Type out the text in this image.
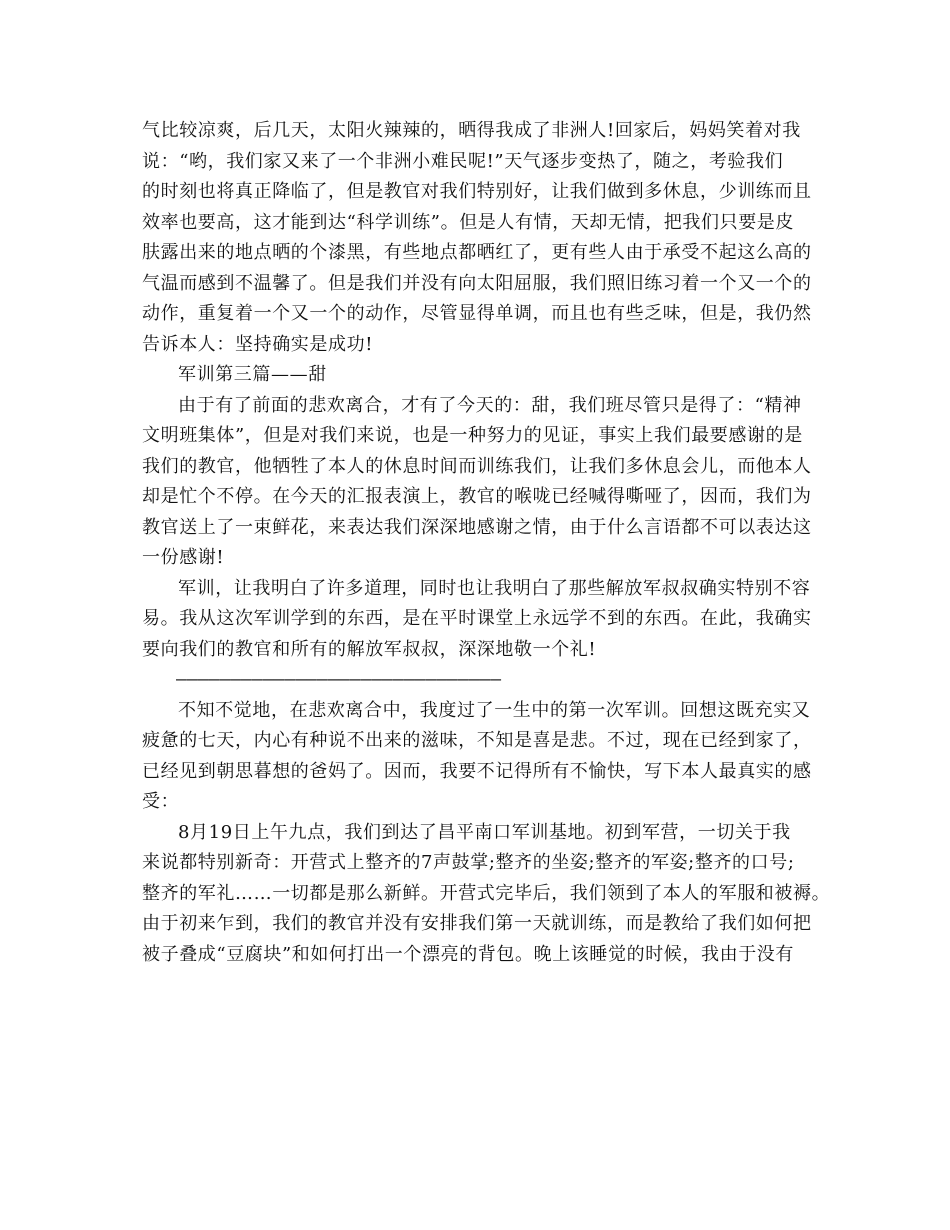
气比较凉爽，后几天，太阳火辣辣的，晒得我成了非洲人!回家后，妈妈笑着对我
说：“哟，我们家又来了一个非洲小难民呢!”天气逐步变热了，随之，考验我们
的时刻也将真正降临了，但是教官对我们特别好，让我们做到多休息，少训练而且
效率也要高，这才能到达“科学训练”。但是人有情，天却无情，把我们只要是皮
肤露出来的地点晒的个漆黑，有些地点都晒红了，更有些人由于承受不起这么高的
气温而感到不温馨了。但是我们并没有向太阳屈服，我们照旧练习着一个又一个的
动作，重复着一个又一个的动作，尽管显得单调，而且也有些乏味，但是，我仍然
告诉本人：坚持确实是成功!
军训第三篇——甜
由于有了前面的悲欢离合，才有了今天的：甜，我们班尽管只是得了：“精神
文明班集体”，但是对我们来说，也是一种努力的见证，事实上我们最要感谢的是
我们的教官，他牺牲了本人的休息时间而训练我们，让我们多休息会儿，而他本人
却是忙个不停。在今天的汇报表演上，教官的喉咙已经喊得嘶哑了，因而，我们为
教官送上了一束鲜花，来表达我们深深地感谢之情，由于什么言语都不可以表达这
一份感谢!
军训，让我明白了许多道理，同时也让我明白了那些解放军叔叔确实特别不容
易。我从这次军训学到的东西，是在平时课堂上永远学不到的东西。在此，我确实
要向我们的教官和所有的解放军叔叔，深深地敬一个礼!
——————————————————————————————
不知不觉地，在悲欢离合中，我度过了一生中的第一次军训。回想这既充实又
疲惫的七天，内心有种说不出来的滋味，不知是喜是悲。不过，现在已经到家了，
已经见到朝思暮想的爸妈了。因而，我要不记得所有不愉快，写下本人最真实的感
受：
8月19日上午九点，我们到达了昌平南口军训基地。初到军营，一切关于我
来说都特别新奇：开营式上整齐的7声鼓掌;整齐的坐姿;整齐的军姿;整齐的口号;
整齐的军礼……一切都是那么新鲜。开营式完毕后，我们领到了本人的军服和被褥。
由于初来乍到，我们的教官并没有安排我们第一天就训练，而是教给了我们如何把
被子叠成“豆腐块”和如何打出一个漂亮的背包。晚上该睡觉的时候，我由于没有
